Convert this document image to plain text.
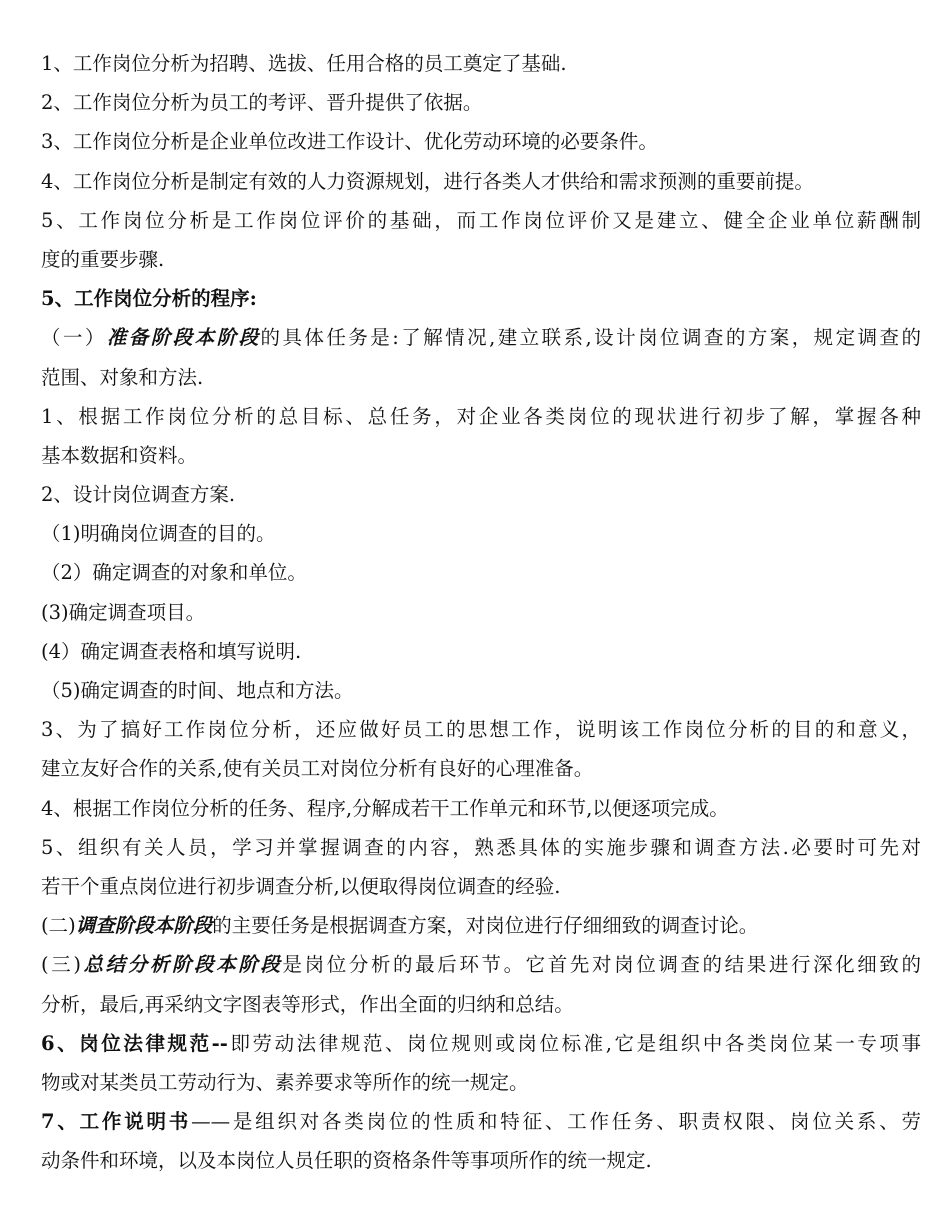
1、工作岗位分析为招聘、选拔、任用合格的员工奠定了基础.
2、工作岗位分析为员工的考评、晋升提供了依据。
3、工作岗位分析是企业单位改进工作设计、优化劳动环境的必要条件。
4、工作岗位分析是制定有效的人力资源规划，进行各类人才供给和需求预测的重要前提。
5、工作岗位分析是工作岗位评价的基础，而工作岗位评价又是建立、健全企业单位薪酬制
度的重要步骤.
5、工作岗位分析的程序:
（一）准备阶段本阶段的具体任务是:了解情况,建立联系,设计岗位调查的方案，规定调查的
范围、对象和方法.
1、根据工作岗位分析的总目标、总任务，对企业各类岗位的现状进行初步了解，掌握各种
基本数据和资料。
2、设计岗位调查方案.
（1)明确岗位调查的目的。
（2）确定调查的对象和单位。
(3)确定调查项目。
(4）确定调查表格和填写说明.
（5)确定调查的时间、地点和方法。
3、为了搞好工作岗位分析，还应做好员工的思想工作，说明该工作岗位分析的目的和意义，
建立友好合作的关系,使有关员工对岗位分析有良好的心理准备。
4、根据工作岗位分析的任务、程序,分解成若干工作单元和环节,以便逐项完成。
5、组织有关人员，学习并掌握调查的内容，熟悉具体的实施步骤和调查方法.必要时可先对
若干个重点岗位进行初步调查分析,以便取得岗位调查的经验.
(二)调查阶段本阶段的主要任务是根据调查方案，对岗位进行仔细细致的调查讨论。
(三)总结分析阶段本阶段是岗位分析的最后环节。它首先对岗位调查的结果进行深化细致的
分析，最后,再采纳文字图表等形式，作出全面的归纳和总结。
6、岗位法律规范--即劳动法律规范、岗位规则或岗位标准,它是组织中各类岗位某一专项事
物或对某类员工劳动行为、素养要求等所作的统一规定。
7、工作说明书——是组织对各类岗位的性质和特征、工作任务、职责权限、岗位关系、劳
动条件和环境，以及本岗位人员任职的资格条件等事项所作的统一规定.
